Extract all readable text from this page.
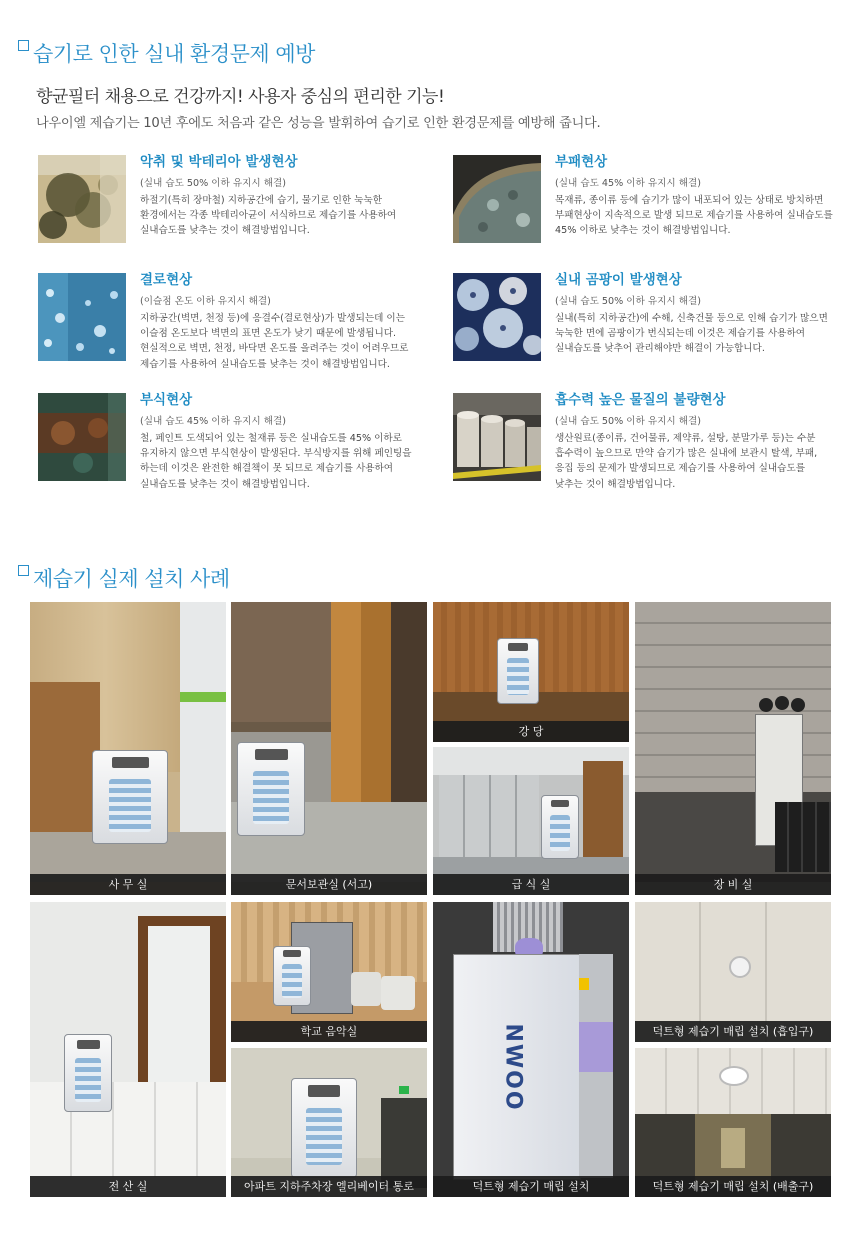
습기로 인한 실내 환경문제 예방
향균필터 채용으로 건강까지! 사용자 중심의 편리한 기능!
나우이엘 제습기는 10년 후에도 처음과 같은 성능을 발휘하여 습기로 인한 환경문제를 예방해 줍니다.
악취 및 박테리아 발생현상
(실내 습도 50% 이하 유지시 해결)
하절기(특히 장마철) 지하공간에 습기, 물기로 인한 눅눅한
환경에서는 각종 박테리아균이 서식하므로 제습기를 사용하여
실내습도를 낮추는 것이 해결방법입니다.
부패현상
(실내 습도 45% 이하 유지시 해결)
목재류, 종이류 등에 습기가 많이 내포되어 있는 상태로 방치하면
부패현상이 지속적으로 발생 되므로 제습기를 사용하여 실내습도를
45% 이하로 낮추는 것이 해결방법입니다.
결로현상
(이슬점 온도 이하 유지시 해결)
지하공간(벽면, 천정 등)에 응결수(결로현상)가 발생되는데 이는
이슬점 온도보다 벽면의 표면 온도가 낮기 때문에 발생됩니다.
현실적으로 벽면, 천정, 바닥면 온도를 올려주는 것이 어려우므로
제습기를 사용하여 실내습도를 낮추는 것이 해결방법입니다.
실내 곰팡이 발생현상
(실내 습도 50% 이하 유지시 해결)
실내(특히 지하공간)에 수해, 신축건물 등으로 인해 습기가 많으면
눅눅한 면에 곰팡이가 번식되는데 이것은 제습기를 사용하여
실내습도를 낮추어 관리해야만 해결이 가능합니다.
부식현상
(실내 습도 45% 이하 유지시 해결)
철, 페인트 도색되어 있는 철재류 등은 실내습도를 45% 이하로
유지하지 않으면 부식현상이 발생된다. 부식방지를 위해 페인팅을
하는데 이것은 완전한 해결책이 못 되므로 제습기를 사용하여
실내습도를 낮추는 것이 해결방법입니다.
흡수력 높은 물질의 불량현상
(실내 습도 50% 이하 유지시 해결)
생산원료(종이류, 건어물류, 제약류, 설탕, 분말가루 등)는 수분
흡수력이 높으므로 만약 습기가 많은 실내에 보관시 탈색, 부패,
응집 등의 문제가 발생되므로 제습기를 사용하여 실내습도를
낮추는 것이 해결방법입니다.
제습기 실제 설치 사례
사 무 실	문서보관실 (서고)
강 당
급 식 실	장 비 실
전 산 실
학교 음악실
아파트 지하주차장 엘리베이터 통로
NWOO
덕트형 제습기 매립 설치
덕트형 제습기 매립 설치 (흡입구)
덕트형 제습기 매립 설치 (배출구)
